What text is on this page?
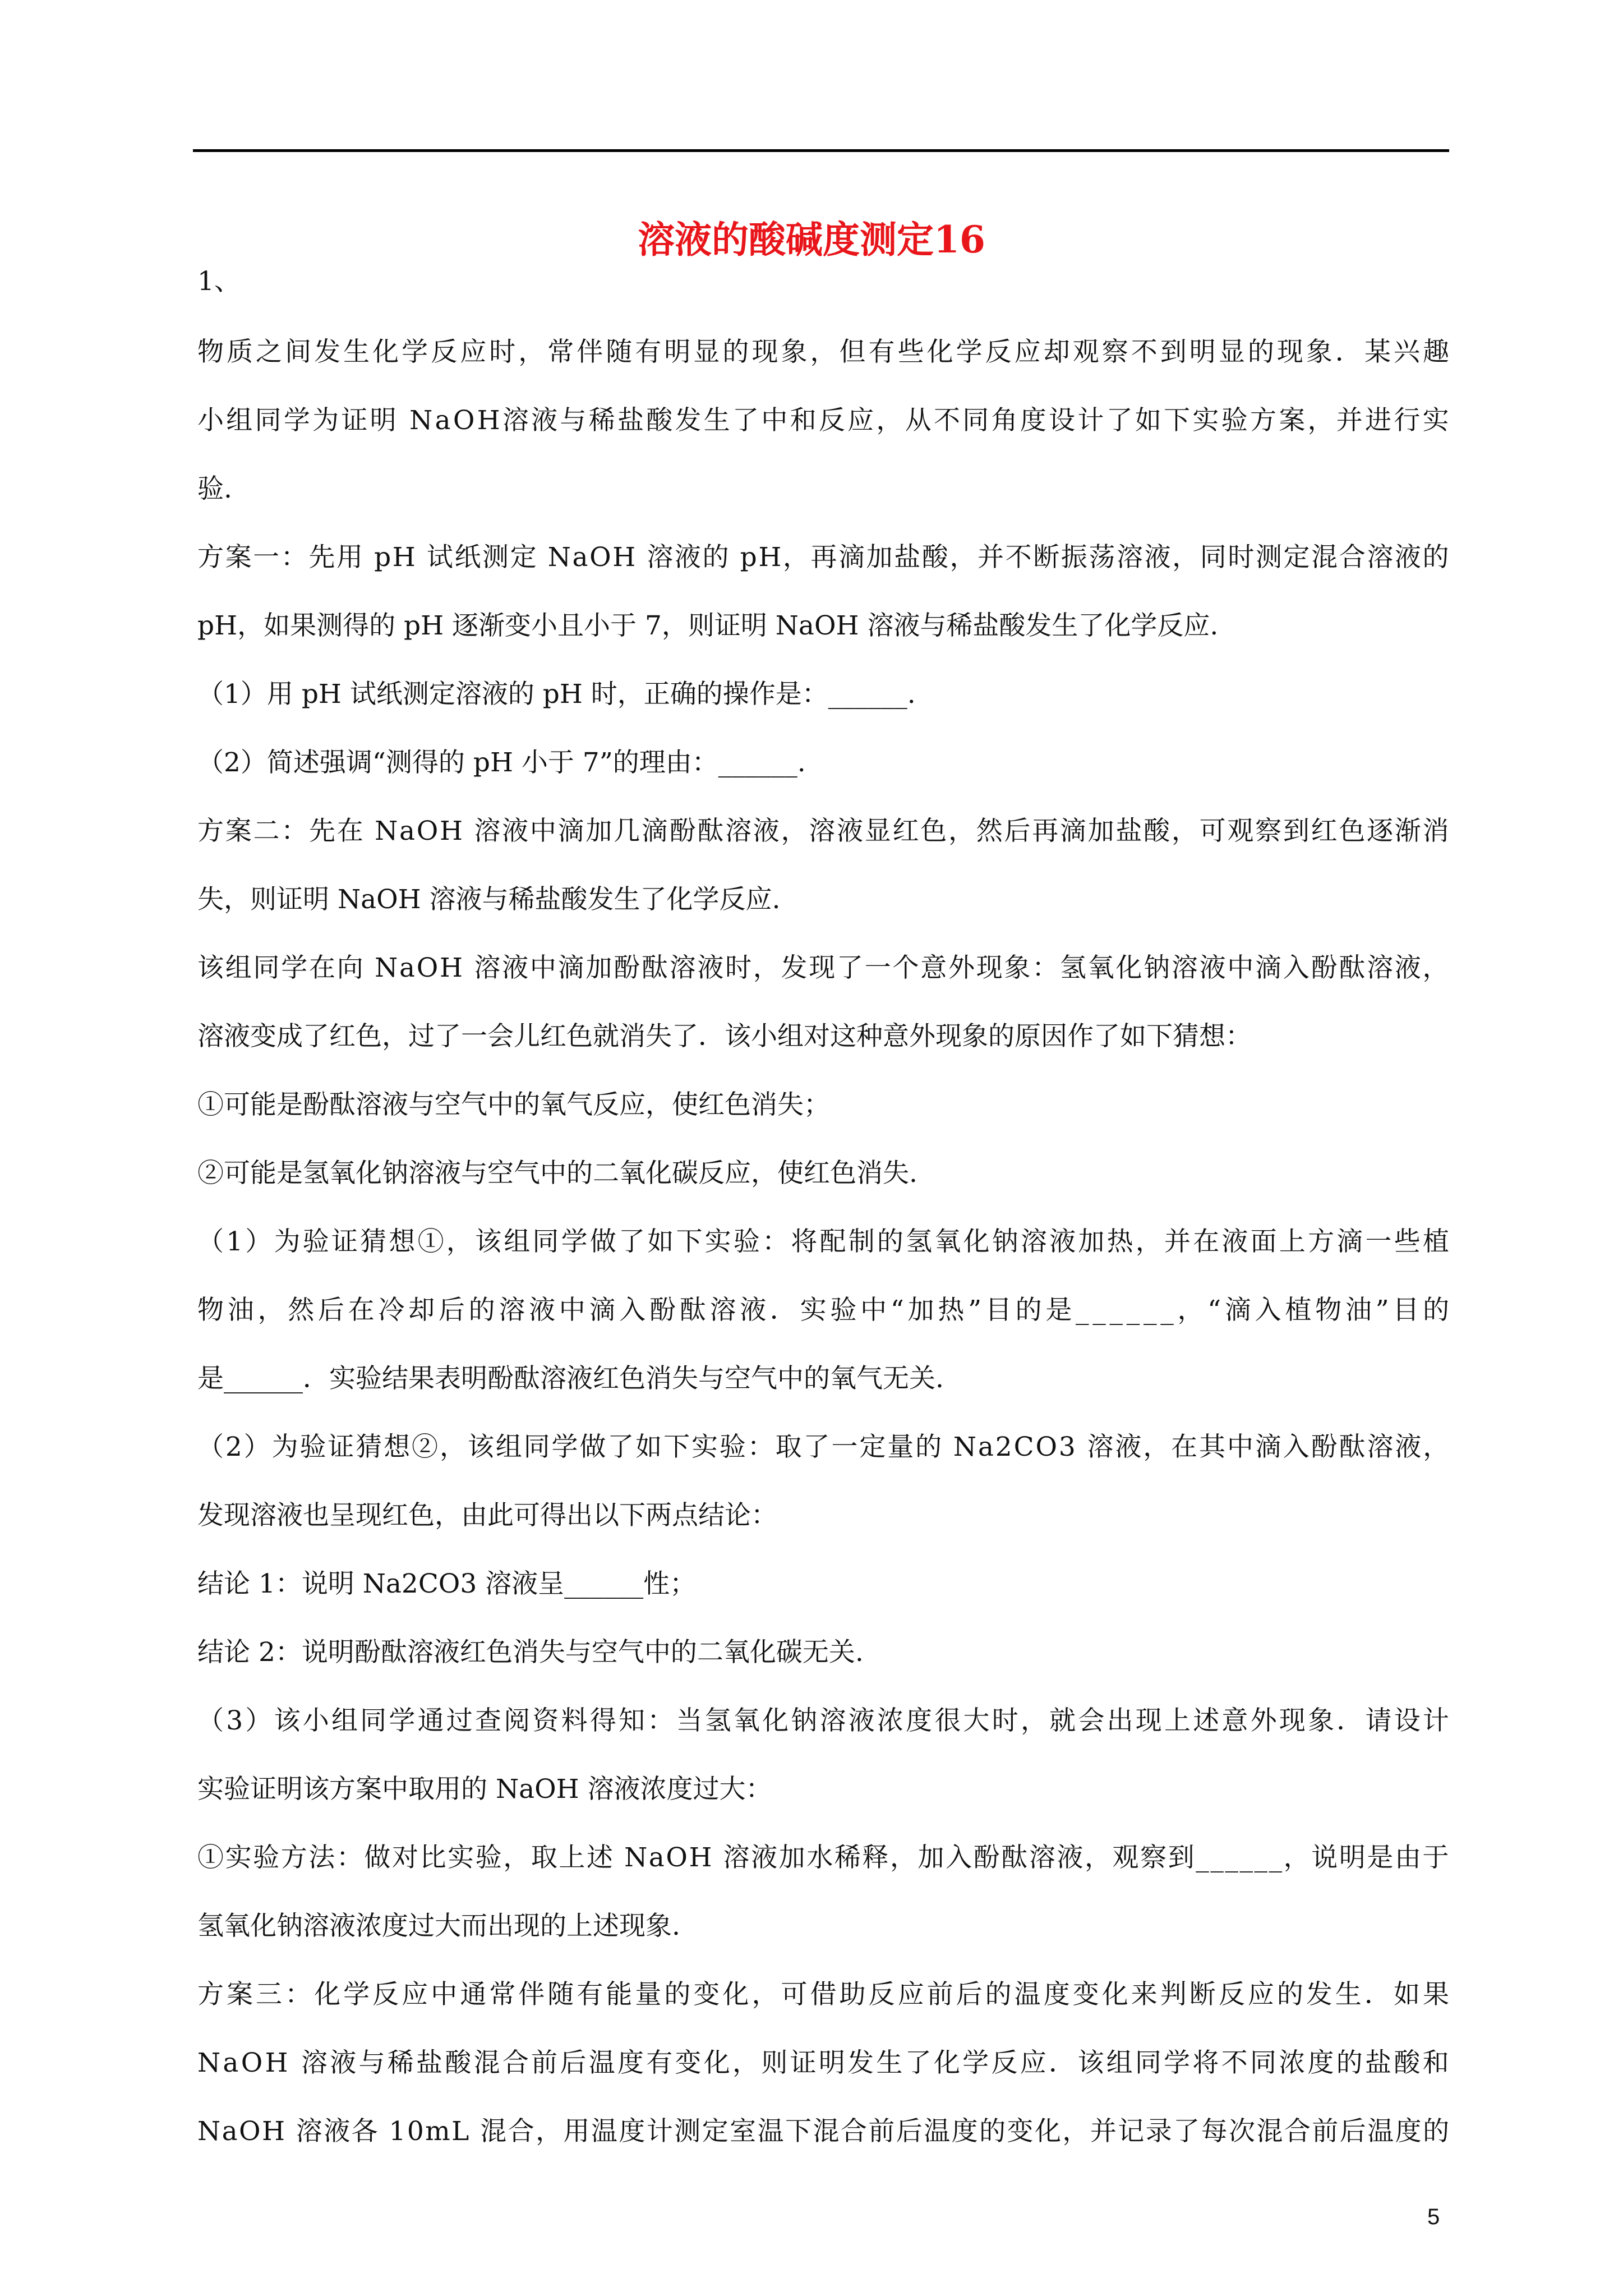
溶液的酸碱度测定16
1、
物质之间发生化学反应时，常伴随有明显的现象，但有些化学反应却观察不到明显的现象．某兴趣
小组同学为证明 NaOH溶液与稀盐酸发生了中和反应，从不同角度设计了如下实验方案，并进行实
验.
方案一：先用 pH 试纸测定 NaOH 溶液的 pH，再滴加盐酸，并不断振荡溶液，同时测定混合溶液的
pH，如果测得的 pH 逐渐变小且小于 7，则证明 NaOH 溶液与稀盐酸发生了化学反应.
（1）用 pH 试纸测定溶液的 pH 时，正确的操作是：______.
（2）简述强调“测得的 pH 小于 7”的理由：______.
方案二：先在 NaOH 溶液中滴加几滴酚酞溶液，溶液显红色，然后再滴加盐酸，可观察到红色逐渐消
失，则证明 NaOH 溶液与稀盐酸发生了化学反应.
该组同学在向 NaOH 溶液中滴加酚酞溶液时，发现了一个意外现象：氢氧化钠溶液中滴入酚酞溶液，
溶液变成了红色，过了一会儿红色就消失了．该小组对这种意外现象的原因作了如下猜想：
①可能是酚酞溶液与空气中的氧气反应，使红色消失；
②可能是氢氧化钠溶液与空气中的二氧化碳反应，使红色消失.
（1）为验证猜想①，该组同学做了如下实验：将配制的氢氧化钠溶液加热，并在液面上方滴一些植
物油，然后在冷却后的溶液中滴入酚酞溶液．实验中“加热”目的是______，“滴入植物油”目的
是______．实验结果表明酚酞溶液红色消失与空气中的氧气无关.
（2）为验证猜想②，该组同学做了如下实验：取了一定量的 Na2CO3 溶液，在其中滴入酚酞溶液，
发现溶液也呈现红色，由此可得出以下两点结论：
结论 1：说明 Na2CO3 溶液呈______性；
结论 2：说明酚酞溶液红色消失与空气中的二氧化碳无关.
（3）该小组同学通过查阅资料得知：当氢氧化钠溶液浓度很大时，就会出现上述意外现象．请设计
实验证明该方案中取用的 NaOH 溶液浓度过大：
①实验方法：做对比实验，取上述 NaOH 溶液加水稀释，加入酚酞溶液，观察到______，说明是由于
氢氧化钠溶液浓度过大而出现的上述现象.
方案三：化学反应中通常伴随有能量的变化，可借助反应前后的温度变化来判断反应的发生．如果
NaOH 溶液与稀盐酸混合前后温度有变化，则证明发生了化学反应．该组同学将不同浓度的盐酸和
NaOH 溶液各 10mL 混合，用温度计测定室温下混合前后温度的变化，并记录了每次混合前后温度的
5
